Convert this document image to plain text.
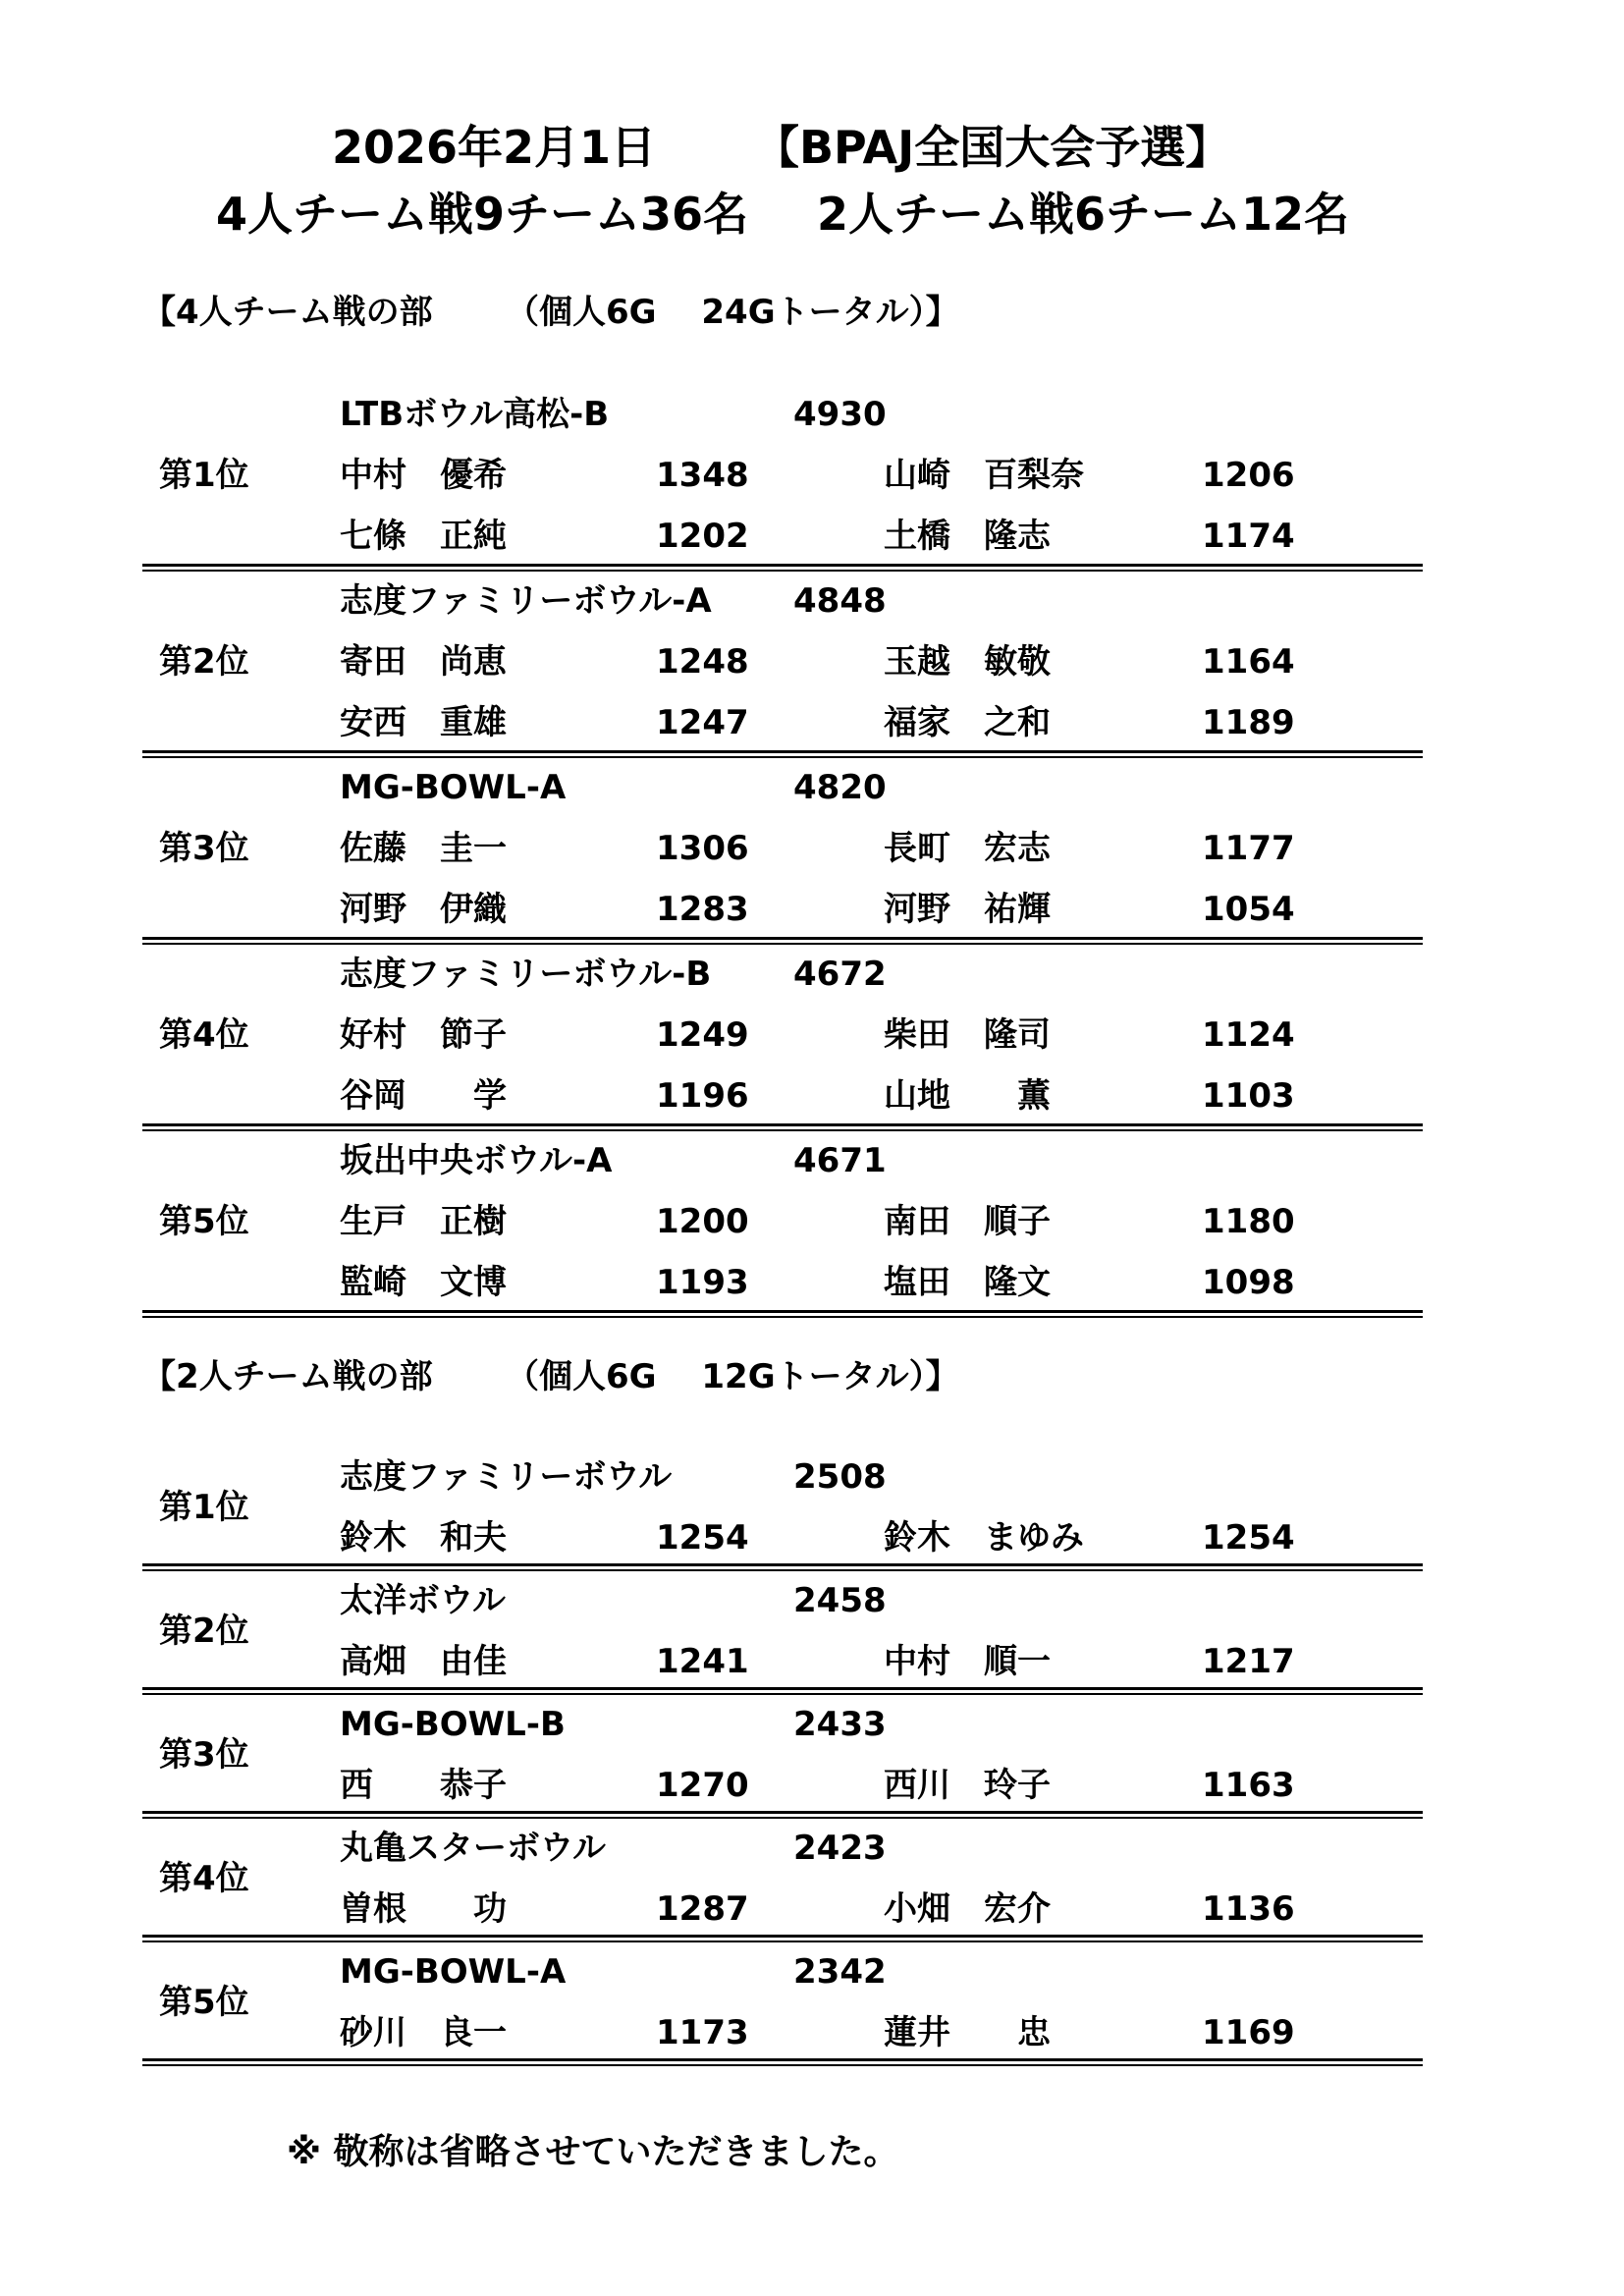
2026年2月1日 【BPAJ全国大会予選】
4人チーム戦9チーム36名 2人チーム戦6チーム12名
【4人チーム戦の部 （個人6G　 24Gトータル）】
LTBボウル高松-B	4930
第1位	中村　優希	1348	山崎　百梨奈	1206
七條　正純	1202	土橋　隆志	1174
志度ファミリーボウル-A 4848
第2位	寄田　尚恵	1248	玉越　敏敬	1164
安西　重雄	1247	福家　之和	1189
MG-BOWL-A	4820
第3位	佐藤　圭一	1306	長町　宏志	1177
河野　伊織	1283	河野　祐輝	1054
志度ファミリーボウル-B 4672
第4位	好村　節子	1249	柴田　隆司	1124
谷岡　　学	1196	山地　　薫	1103
坂出中央ボウル-A	4671
第5位	生戸　正樹	1200	南田　順子	1180
監崎　文博	1193	塩田　隆文	1098
【2人チーム戦の部 （個人6G　 12Gトータル）】
志度ファミリーボウル	2508
第1位
鈴木　和夫	1254	鈴木　まゆみ	1254
太洋ボウル	2458
第2位
高畑　由佳	1241	中村　順一	1217
MG-BOWL-B	2433
第3位
西　　恭子	1270	西川　玲子	1163
丸亀スターボウル	2423
第4位
曽根　　功	1287	小畑　宏介	1136
MG-BOWL-A	2342
第5位
砂川　良一	1173	蓮井　　忠	1169
※ 敬称は省略させていただきました。
